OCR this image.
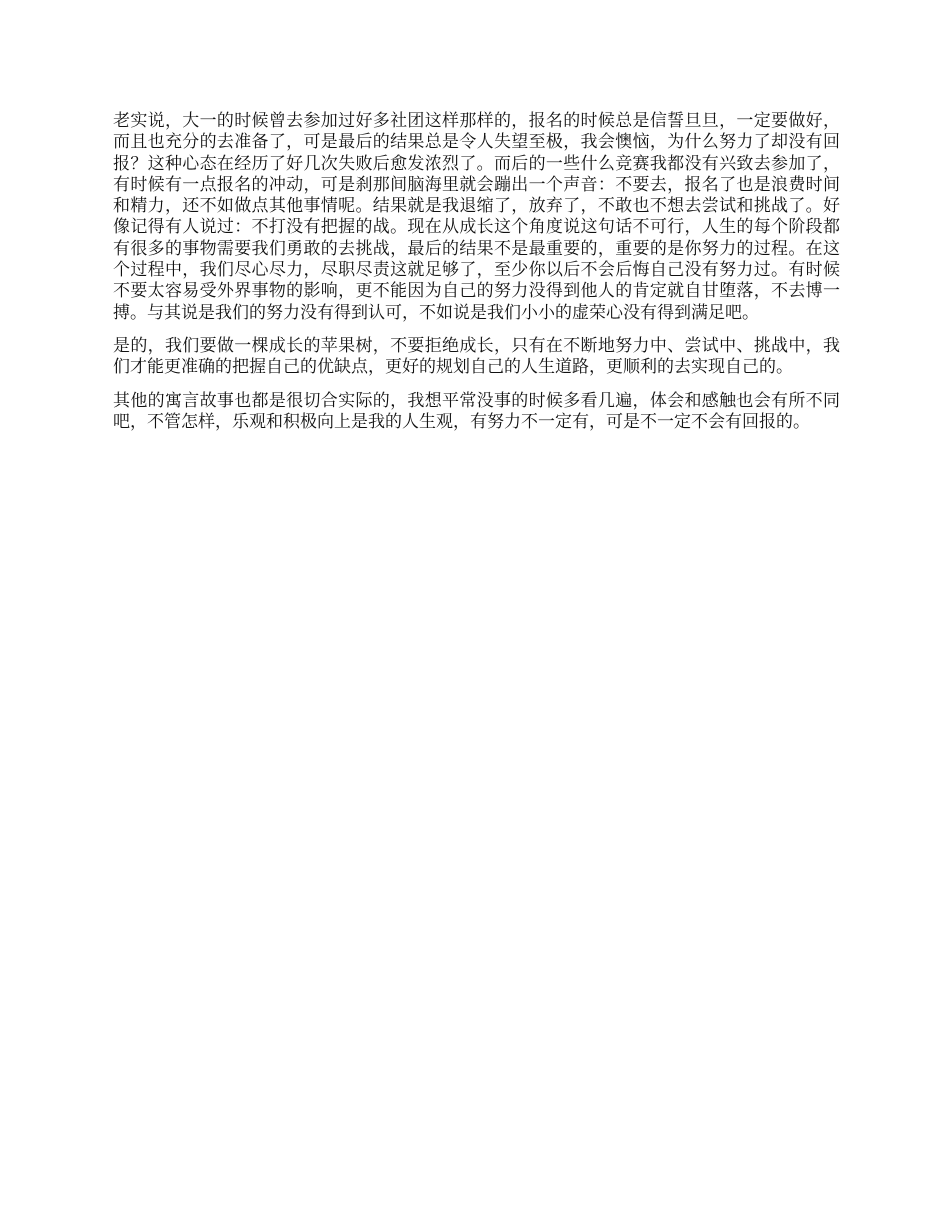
老实说，大一的时候曾去参加过好多社团这样那样的，报名的时候总是信誓旦旦，一定要做好，而且也充分的去准备了，可是最后的结果总是令人失望至极，我会懊恼，为什么努力了却没有回报？这种心态在经历了好几次失败后愈发浓烈了。而后的一些什么竞赛我都没有兴致去参加了，有时候有一点报名的冲动，可是刹那间脑海里就会蹦出一个声音：不要去，报名了也是浪费时间和精力，还不如做点其他事情呢。结果就是我退缩了，放弃了，不敢也不想去尝试和挑战了。好像记得有人说过：不打没有把握的战。现在从成长这个角度说这句话不可行，人生的每个阶段都有很多的事物需要我们勇敢的去挑战，最后的结果不是最重要的，重要的是你努力的过程。在这个过程中，我们尽心尽力，尽职尽责这就足够了，至少你以后不会后悔自己没有努力过。有时候不要太容易受外界事物的影响，更不能因为自己的努力没得到他人的肯定就自甘堕落，不去博一搏。与其说是我们的努力没有得到认可，不如说是我们小小的虚荣心没有得到满足吧。

是的，我们要做一棵成长的苹果树，不要拒绝成长，只有在不断地努力中、尝试中、挑战中，我们才能更准确的把握自己的优缺点，更好的规划自己的人生道路，更顺利的去实现自己的。

其他的寓言故事也都是很切合实际的，我想平常没事的时候多看几遍，体会和感触也会有所不同吧，不管怎样，乐观和积极向上是我的人生观，有努力不一定有，可是不一定不会有回报的。
